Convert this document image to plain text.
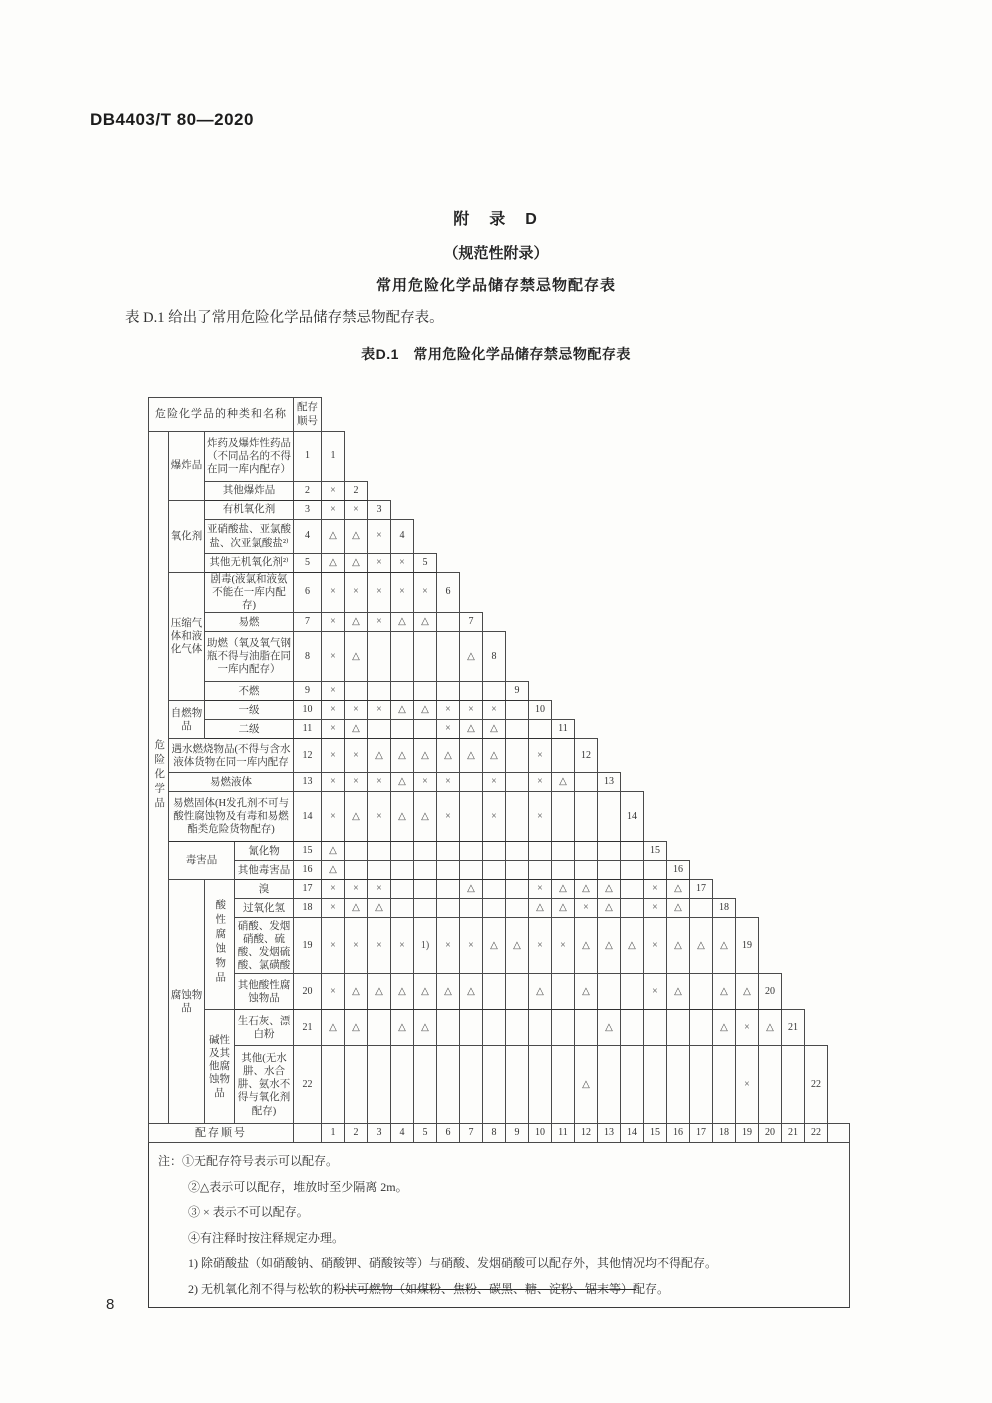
DB4403/T 80—2020
附　录　D
（规范性附录）
常用危险化学品储存禁忌物配存表
表 D.1 给出了常用危险化学品储存禁忌物配存表。
表D.1　常用危险化学品储存禁忌物配存表
危险化学品的种类和名称				配存顺号																							
危险化学品	爆炸品	炸药及爆炸性药品（不同品名的不得在同一库内配存）		1	1																						
		其他爆炸品		2	×	2																					
	氧化剂	有机氧化剂		3	×	×	3																				
		亚硝酸盐、亚氯酸盐、次亚氯酸盐²⁾		4	△	△	×	4																			
		其他无机氧化剂²⁾		5	△	△	×	×	5																		
	压缩气体和液化气体	剧毒(液氯和液氨不能在一库内配存)		6	×	×	×	×	×	6																	
		易燃		7	×	△	×	△	△		7																
		助燃（氧及氧气钢瓶不得与油脂在同一库内配存）		8	×	△					△	8															
		不燃		9	×								9														
	自燃物品	一级		10	×	×	×	△	△	×	×	×		10													
		二级		11	×	△				×	△	△			11												
	遇水燃烧物品(不得与含水液体货物在同一库内配存			12	×	×	△	△	△	△	△	△		×		12											
	易燃液体			13	×	×	×	△	×	×		×		×	△		13										
	易燃固体(H发孔剂不可与酸性腐蚀物及有毒和易燃酯类危险货物配存)			14	×	△	×	△	△	×		×		×				14									
	毒害品		氰化物	15	△														15								
			其他毒害品	16	△															16							
	腐蚀物品	酸性腐蚀物品	溴	17	×	×	×				△			×	△	△	△		×	△	17						
			过氧化氢	18	×	△	△							△	△	×	△		×	△		18					
			硝酸、发烟硝酸、硫酸、发烟硫酸、氯磺酸	19	×	×	×	×	1)	×	×	△	△	×	×	△	△	△	×	△	△	△	19				
			其他酸性腐蚀物品	20	×	△	△	△	△	△	△			△		△			×	△		△	△	20			
		碱性及其他腐蚀物品	生石灰、漂白粉	21	△	△		△	△								△					△	×	△	21		
			其他(无水肼、水合肼、氨水不得与氧化剂配存)	22												△							×			22	
配存顺号					1	2	3	4	5	6	7	8	9	10	11	12	13	14	15	16	17	18	19	20	21	22	
注：①无配存符号表示可以配存。
②△表示可以配存，堆放时至少隔离 2m。
③ × 表示不可以配存。
④有注释时按注释规定办理。
1) 除硝酸盐（如硝酸钠、硝酸钾、硝酸铵等）与硝酸、发烟硝酸可以配存外，其他情况均不得配存。
2) 无机氧化剂不得与松软的粉状可燃物（如煤粉、焦粉、碳黑、糖、淀粉、锯末等）配存。
8
